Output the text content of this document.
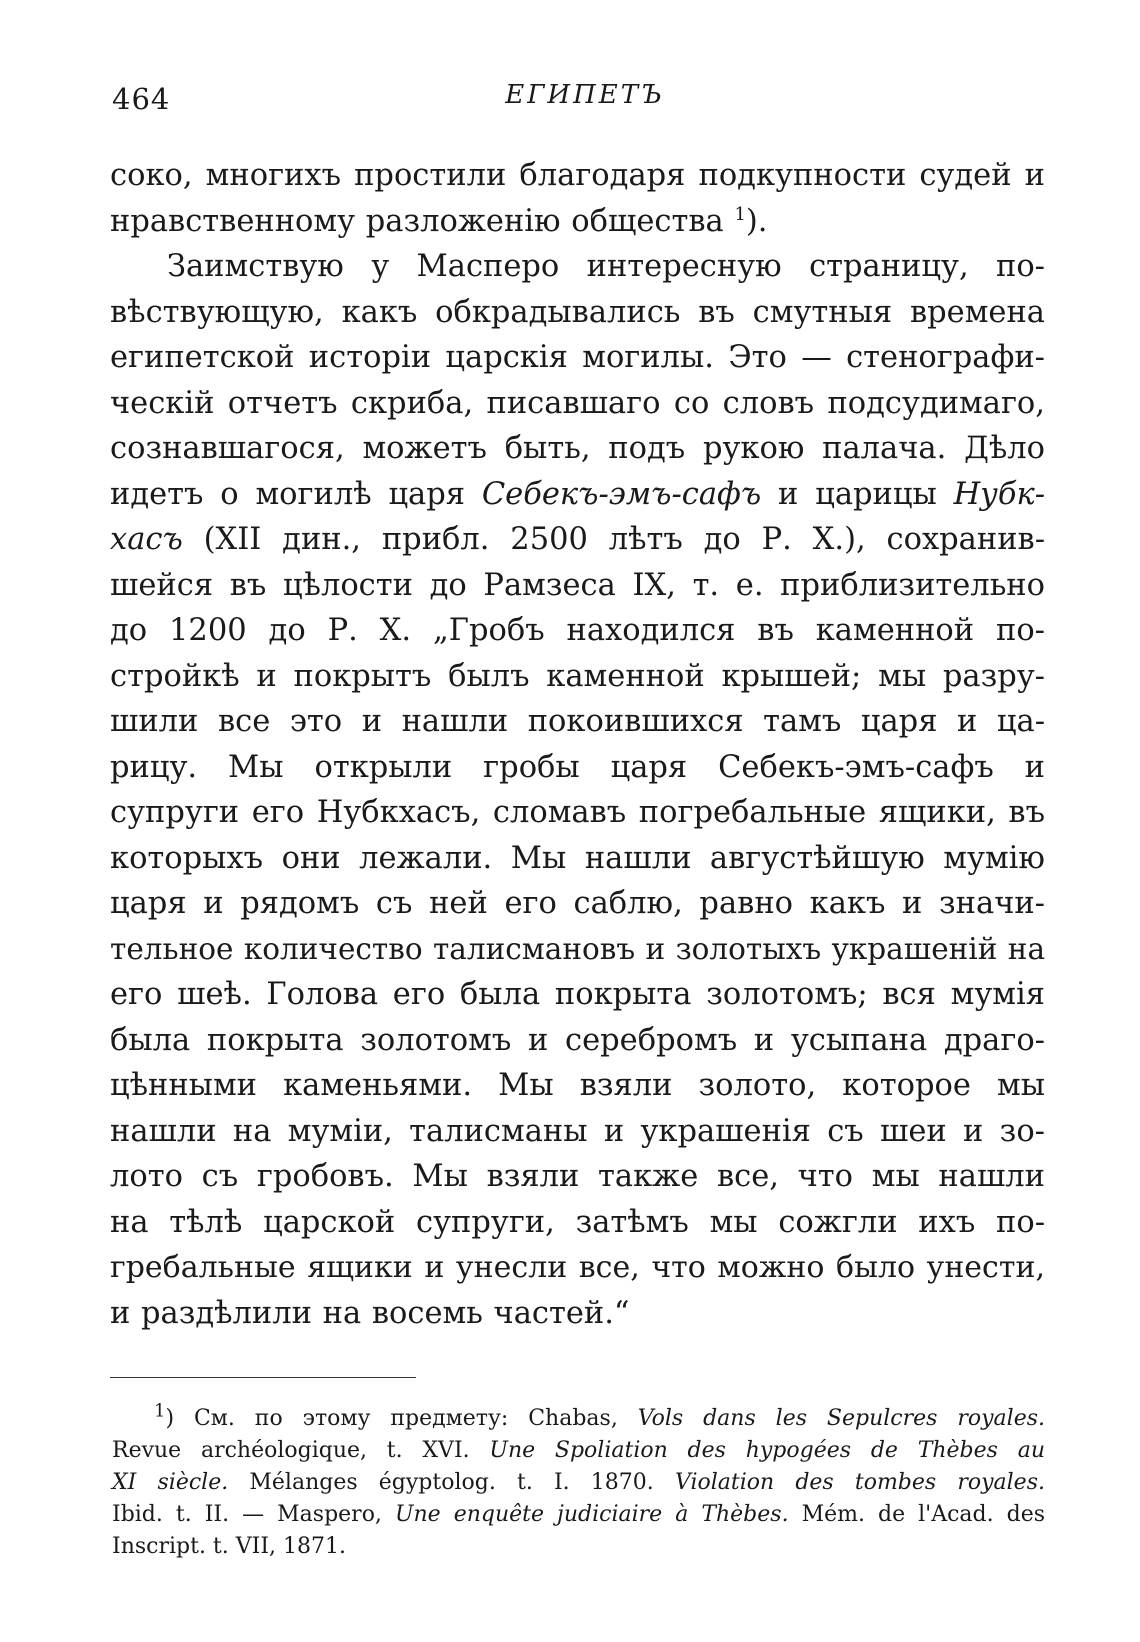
464	ЕГИПЕТЪ
соко, многихъ простили благодаря подкупности судей и
нравственному разложенію общества $^1$).
Заимствую у Масперо интересную страницу, по-
вѣствующую, какъ обкрадывались въ смутныя времена
египетской исторіи царскія могилы. Это — стенографи-
ческій отчетъ скриба, писавшаго со словъ подсудимаго,
сознавшагося, можетъ быть, подъ рукою палача. Дѣло
идетъ о могилѣ царя Себекъ-эмъ-сафъ и царицы Нубк-
хасъ (XII дин., прибл. 2500 лѣтъ до Р. X.), сохранив-
шейся въ цѣлости до Рамзеса IX, т. е. приблизительно
до 1200 до Р. X. „Гробъ находился въ каменной по-
стройкѣ и покрытъ былъ каменной крышей; мы разру-
шили все это и нашли покоившихся тамъ царя и ца-
рицу. Мы открыли гробы царя Себекъ-эмъ-сафъ и
супруги его Нубкхасъ, сломавъ погребальные ящики, въ
которыхъ они лежали. Мы нашли августѣйшую мумію
царя и рядомъ съ ней его саблю, равно какъ и значи-
тельное количество талисмановъ и золотыхъ украшеній на
его шеѣ. Голова его была покрыта золотомъ; вся мумія
была покрыта золотомъ и серебромъ и усыпана драго-
цѣнными каменьями. Мы взяли золото, которое мы
нашли на муміи, талисманы и украшенія съ шеи и зо-
лото съ гробовъ. Мы взяли также все, что мы нашли
на тѣлѣ царской супруги, затѣмъ мы сожгли ихъ по-
гребальные ящики и унесли все, что можно было унести,
и раздѣлили на восемь частей.“
$^1$) См. по этому предмету: Chabas, Vols dans les Sepulcres royales.
Revue archéologique, t. XVI. Une Spoliation des hypogées de Thèbes au
XI siècle. Mélanges égyptolog. t. I. 1870. Violation des tombes royales.
Ibid. t. II. — Maspero, Une enquête judiciaire à Thèbes. Mém. de l'Acad. des
Inscript. t. VII, 1871.
